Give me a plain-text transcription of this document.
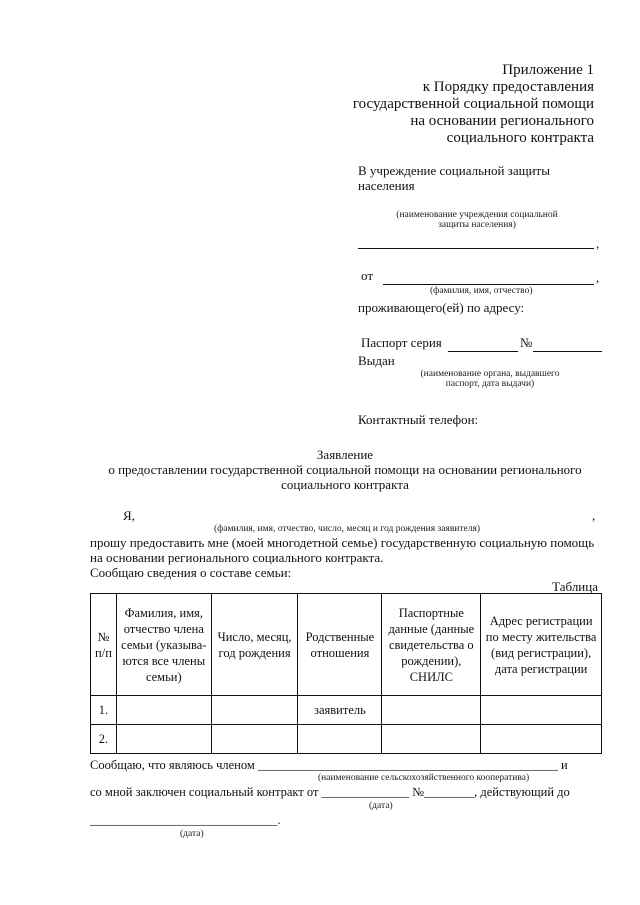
Приложение 1
к Порядку предоставления
государственной социальной помощи
на основании регионального
социального контракта
В учреждение социальной защиты
населения
(наименование учреждения социальной
защиты населения)
,
от	,
(фамилия, имя, отчество)
проживающего(ей) по адресу:
Паспорт серия	№
Выдан
(наименование органа, выдавшего
паспорт, дата выдачи)
Контактный телефон:
Заявление
о предоставлении государственной социальной помощи на основании регионального
социального контракта
Я,	,
(фамилия, имя, отчество, число, месяц и год рождения заявителя)
прошу предоставить мне (моей многодетной семье) государственную социальную помощь
на основании регионального социального контракта.
Сообщаю сведения о составе семьи:
Таблица
№ п/п	Фамилия, имя, отчество члена семьи (указыва-ются все члены семьи)	Число, месяц, год рождения	Родственные отношения	Паспортные данные (данные свидетельства о рождении), СНИЛС	Адрес регистрации по месту жительства (вид регистрации), дата регистрации
1.			заявитель		
2.					
Сообщаю, что являюсь членом ________________________________________________ и
(наименование сельскохозяйственного кооператива)
со мной заключен социальный контракт от ______________ №________, действующий до
(дата)
______________________________.
(дата)
